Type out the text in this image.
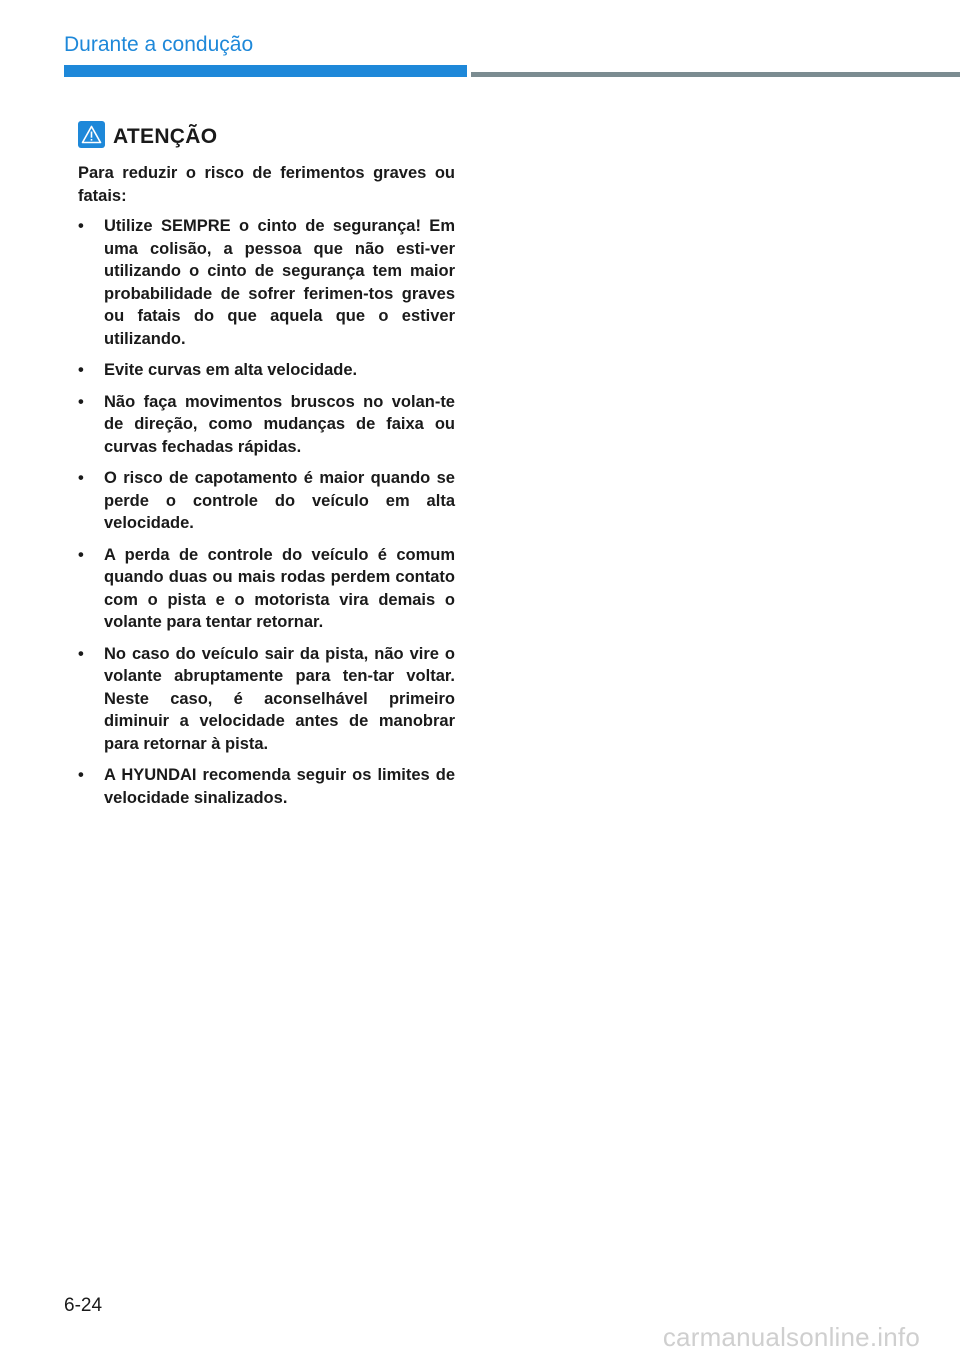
Durante a condução
ATENÇÃO

Para reduzir o risco de ferimentos graves ou fatais:

•	Utilize SEMPRE o cinto de segurança! Em uma colisão, a pessoa que não esti-ver utilizando o cinto de segurança tem maior probabilidade de sofrer ferimen-tos graves ou fatais do que aquela que o estiver utilizando.
•	Evite curvas em alta velocidade.
•	Não faça movimentos bruscos no volan-te de direção, como mudanças de faixa ou curvas fechadas rápidas.
•	O risco de capotamento é maior quando se perde o controle do veículo em alta velocidade.
•	A perda de controle do veículo é comum quando duas ou mais rodas perdem contato com o pista e o motorista vira demais o volante para tentar retornar.
•	No caso do veículo sair da pista, não vire o volante abruptamente para ten-tar voltar. Neste caso, é aconselhável primeiro diminuir a velocidade antes de manobrar para retornar à pista.
•	A HYUNDAI recomenda seguir os limites de velocidade sinalizados.
6-24
carmanualsonline.info
